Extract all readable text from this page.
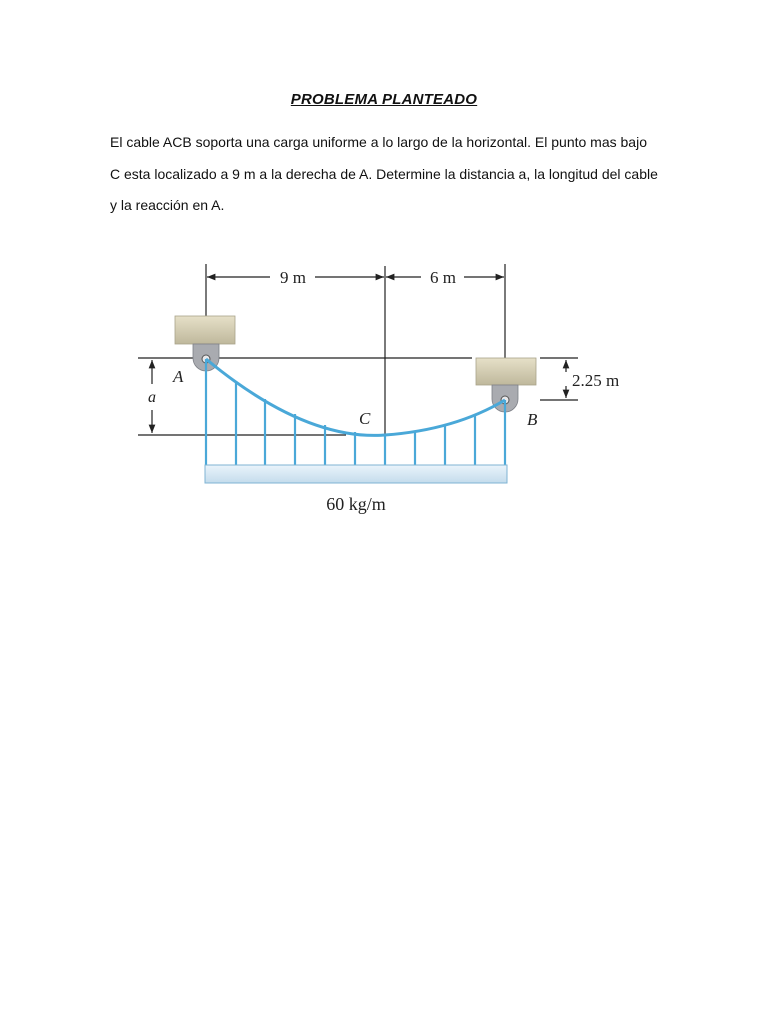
PROBLEMA PLANTEADO
El cable ACB soporta una carga uniforme a lo largo de la horizontal. El punto mas bajo
C esta localizado a 9 m a la derecha de A. Determine la distancia a, la longitud del cable
y la reacción en A.
9 m	6 m
a
2.25 m
A
C	B
60 kg/m
